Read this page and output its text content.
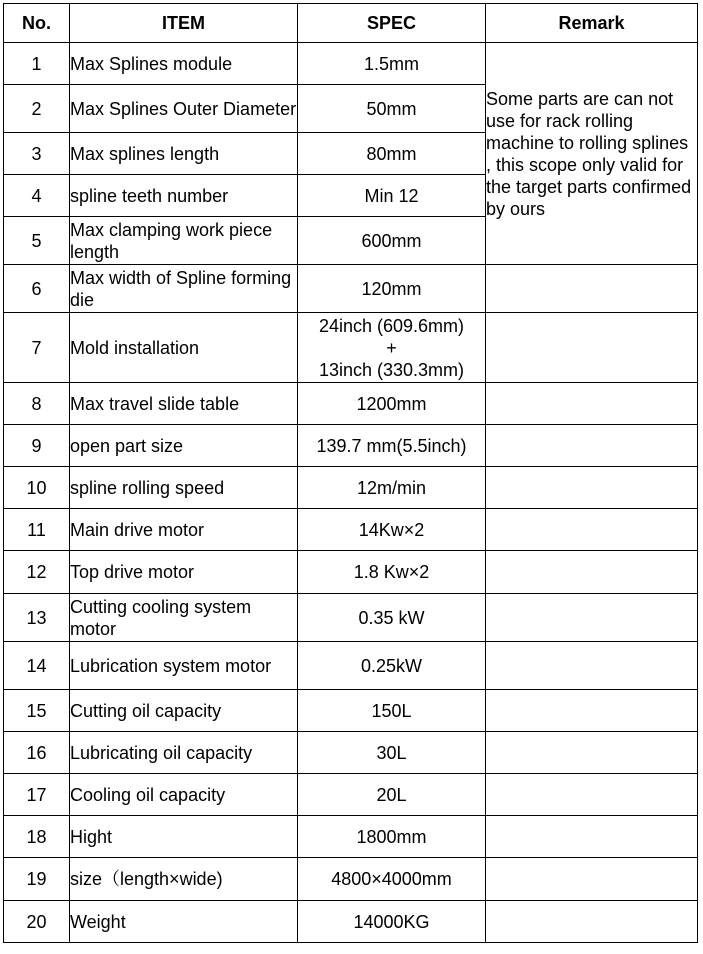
No.	ITEM	SPEC	Remark
1	Max Splines module	1.5mm	Some parts are can not use for rack rolling machine to rolling splines , this scope only valid for the target parts confirmed by ours
2	Max Splines Outer Diameter	50mm	
3	Max splines length	80mm	
4	spline teeth number	Min 12	
5	Max clamping work piece length	600mm	
6	Max width of Spline forming die	120mm	
7	Mold installation	24inch (609.6mm)
+
13inch (330.3mm)	
8	Max travel slide table	1200mm	
9	open part size	139.7 mm(5.5inch)	
10	spline rolling speed	12m/min	
11	Main drive motor	14Kw×2	
12	Top drive motor	1.8 Kw×2	
13	Cutting cooling system motor	0.35 kW	
14	Lubrication system motor	0.25kW	
15	Cutting oil capacity	150L	
16	Lubricating oil capacity	30L	
17	Cooling oil capacity	20L	
18	Hight	1800mm	
19	size（length×wide)	4800×4000mm	
20	Weight	14000KG	
